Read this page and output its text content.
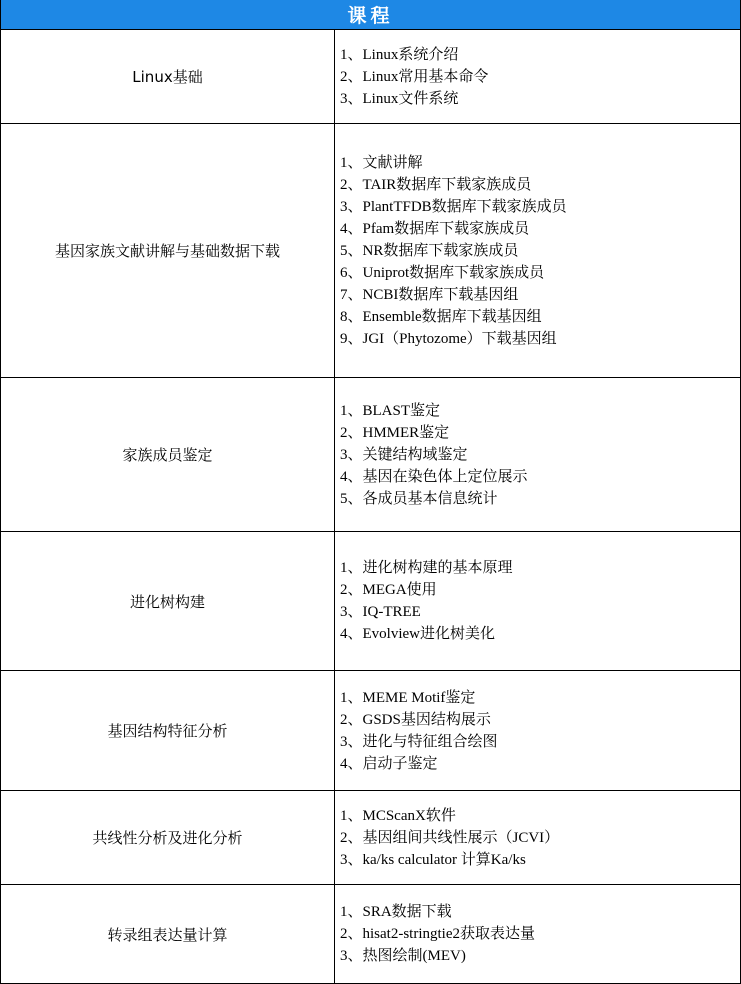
课程
Linux基础
1、Linux系统介绍
2、Linux常用基本命令
3、Linux文件系统
基因家族文献讲解与基础数据下载
1、文献讲解
2、TAIR数据库下载家族成员
3、PlantTFDB数据库下载家族成员
4、Pfam数据库下载家族成员
5、NR数据库下载家族成员
6、Uniprot数据库下载家族成员
7、NCBI数据库下载基因组
8、Ensemble数据库下载基因组
9、JGI（Phytozome）下载基因组
家族成员鉴定
1、BLAST鉴定
2、HMMER鉴定
3、关键结构域鉴定
4、基因在染色体上定位展示
5、各成员基本信息统计
进化树构建
1、进化树构建的基本原理
2、MEGA使用
3、IQ-TREE
4、Evolview进化树美化
基因结构特征分析
1、MEME Motif鉴定
2、GSDS基因结构展示
3、进化与特征组合绘图
4、启动子鉴定
共线性分析及进化分析
1、MCScanX软件
2、基因组间共线性展示（JCVI）
3、ka/ks calculator 计算Ka/ks
转录组表达量计算
1、SRA数据下载
2、hisat2-stringtie2获取表达量
3、热图绘制(MEV)
